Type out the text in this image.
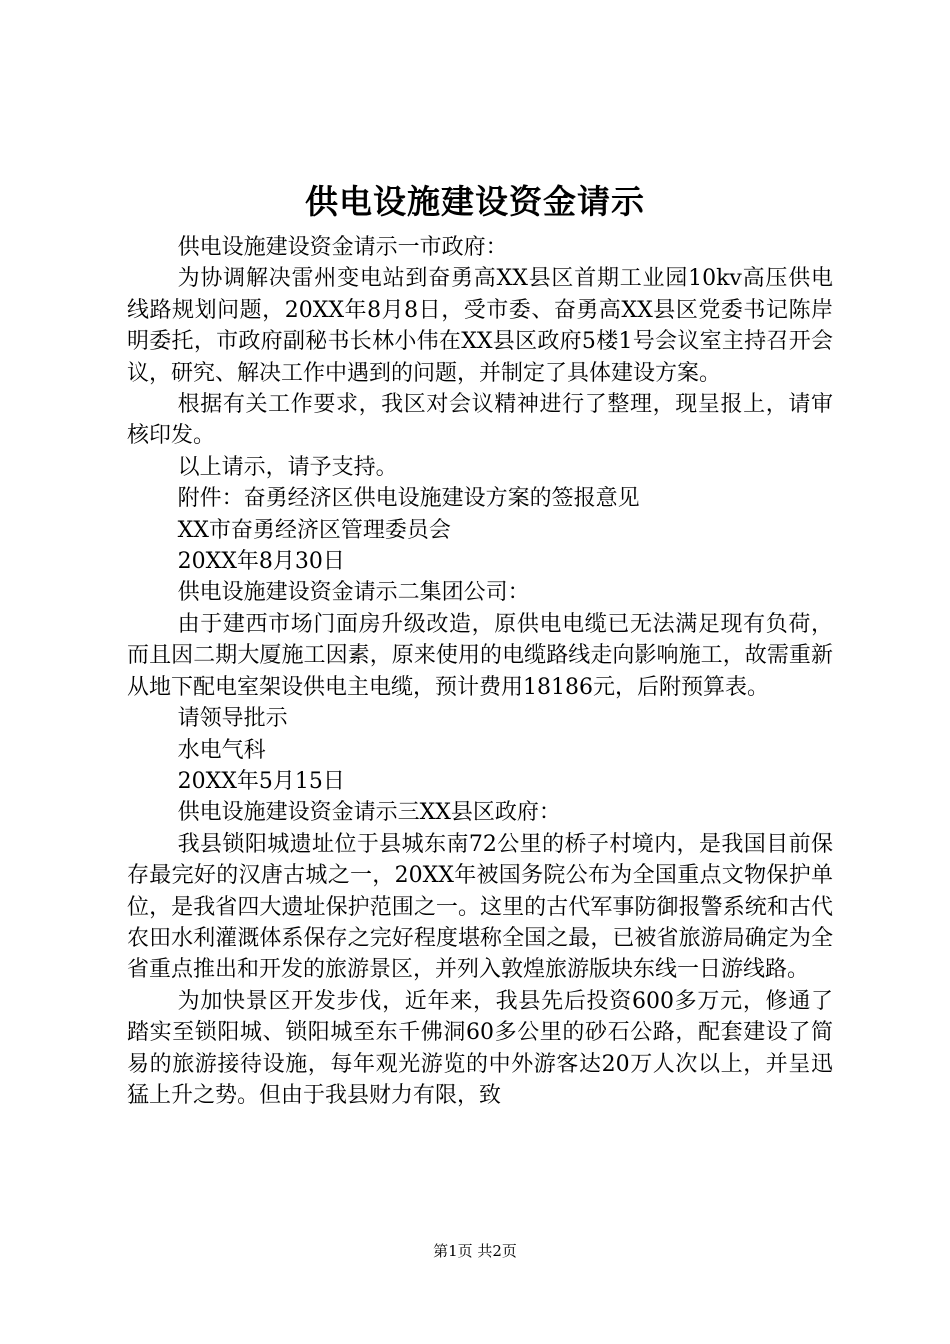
供电设施建设资金请示

供电设施建设资金请示一市政府：

为协调解决雷州变电站到奋勇高XX县区首期工业园10kv高压供电线路规划问题，20XX年8月8日，受市委、奋勇高XX县区党委书记陈岸明委托，市政府副秘书长林小伟在XX县区政府5楼1号会议室主持召开会议，研究、解决工作中遇到的问题，并制定了具体建设方案。

根据有关工作要求，我区对会议精神进行了整理，现呈报上，请审核印发。

以上请示，请予支持。

附件：奋勇经济区供电设施建设方案的签报意见

XX市奋勇经济区管理委员会

20XX年8月30日

供电设施建设资金请示二集团公司：

由于建西市场门面房升级改造，原供电电缆已无法满足现有负荷，而且因二期大厦施工因素，原来使用的电缆路线走向影响施工，故需重新从地下配电室架设供电主电缆，预计费用18186元，后附预算表。

请领导批示

水电气科

20XX年5月15日

供电设施建设资金请示三XX县区政府：

我县锁阳城遗址位于县城东南72公里的桥子村境内，是我国目前保存最完好的汉唐古城之一，20XX年被国务院公布为全国重点文物保护单位，是我省四大遗址保护范围之一。这里的古代军事防御报警系统和古代农田水利灌溉体系保存之完好程度堪称全国之最，已被省旅游局确定为全省重点推出和开发的旅游景区，并列入敦煌旅游版块东线一日游线路。

为加快景区开发步伐，近年来，我县先后投资600多万元，修通了踏实至锁阳城、锁阳城至东千佛洞60多公里的砂石公路，配套建设了简易的旅游接待设施，每年观光游览的中外游客达20万人次以上，并呈迅猛上升之势。但由于我县财力有限，致

第1页 共2页
